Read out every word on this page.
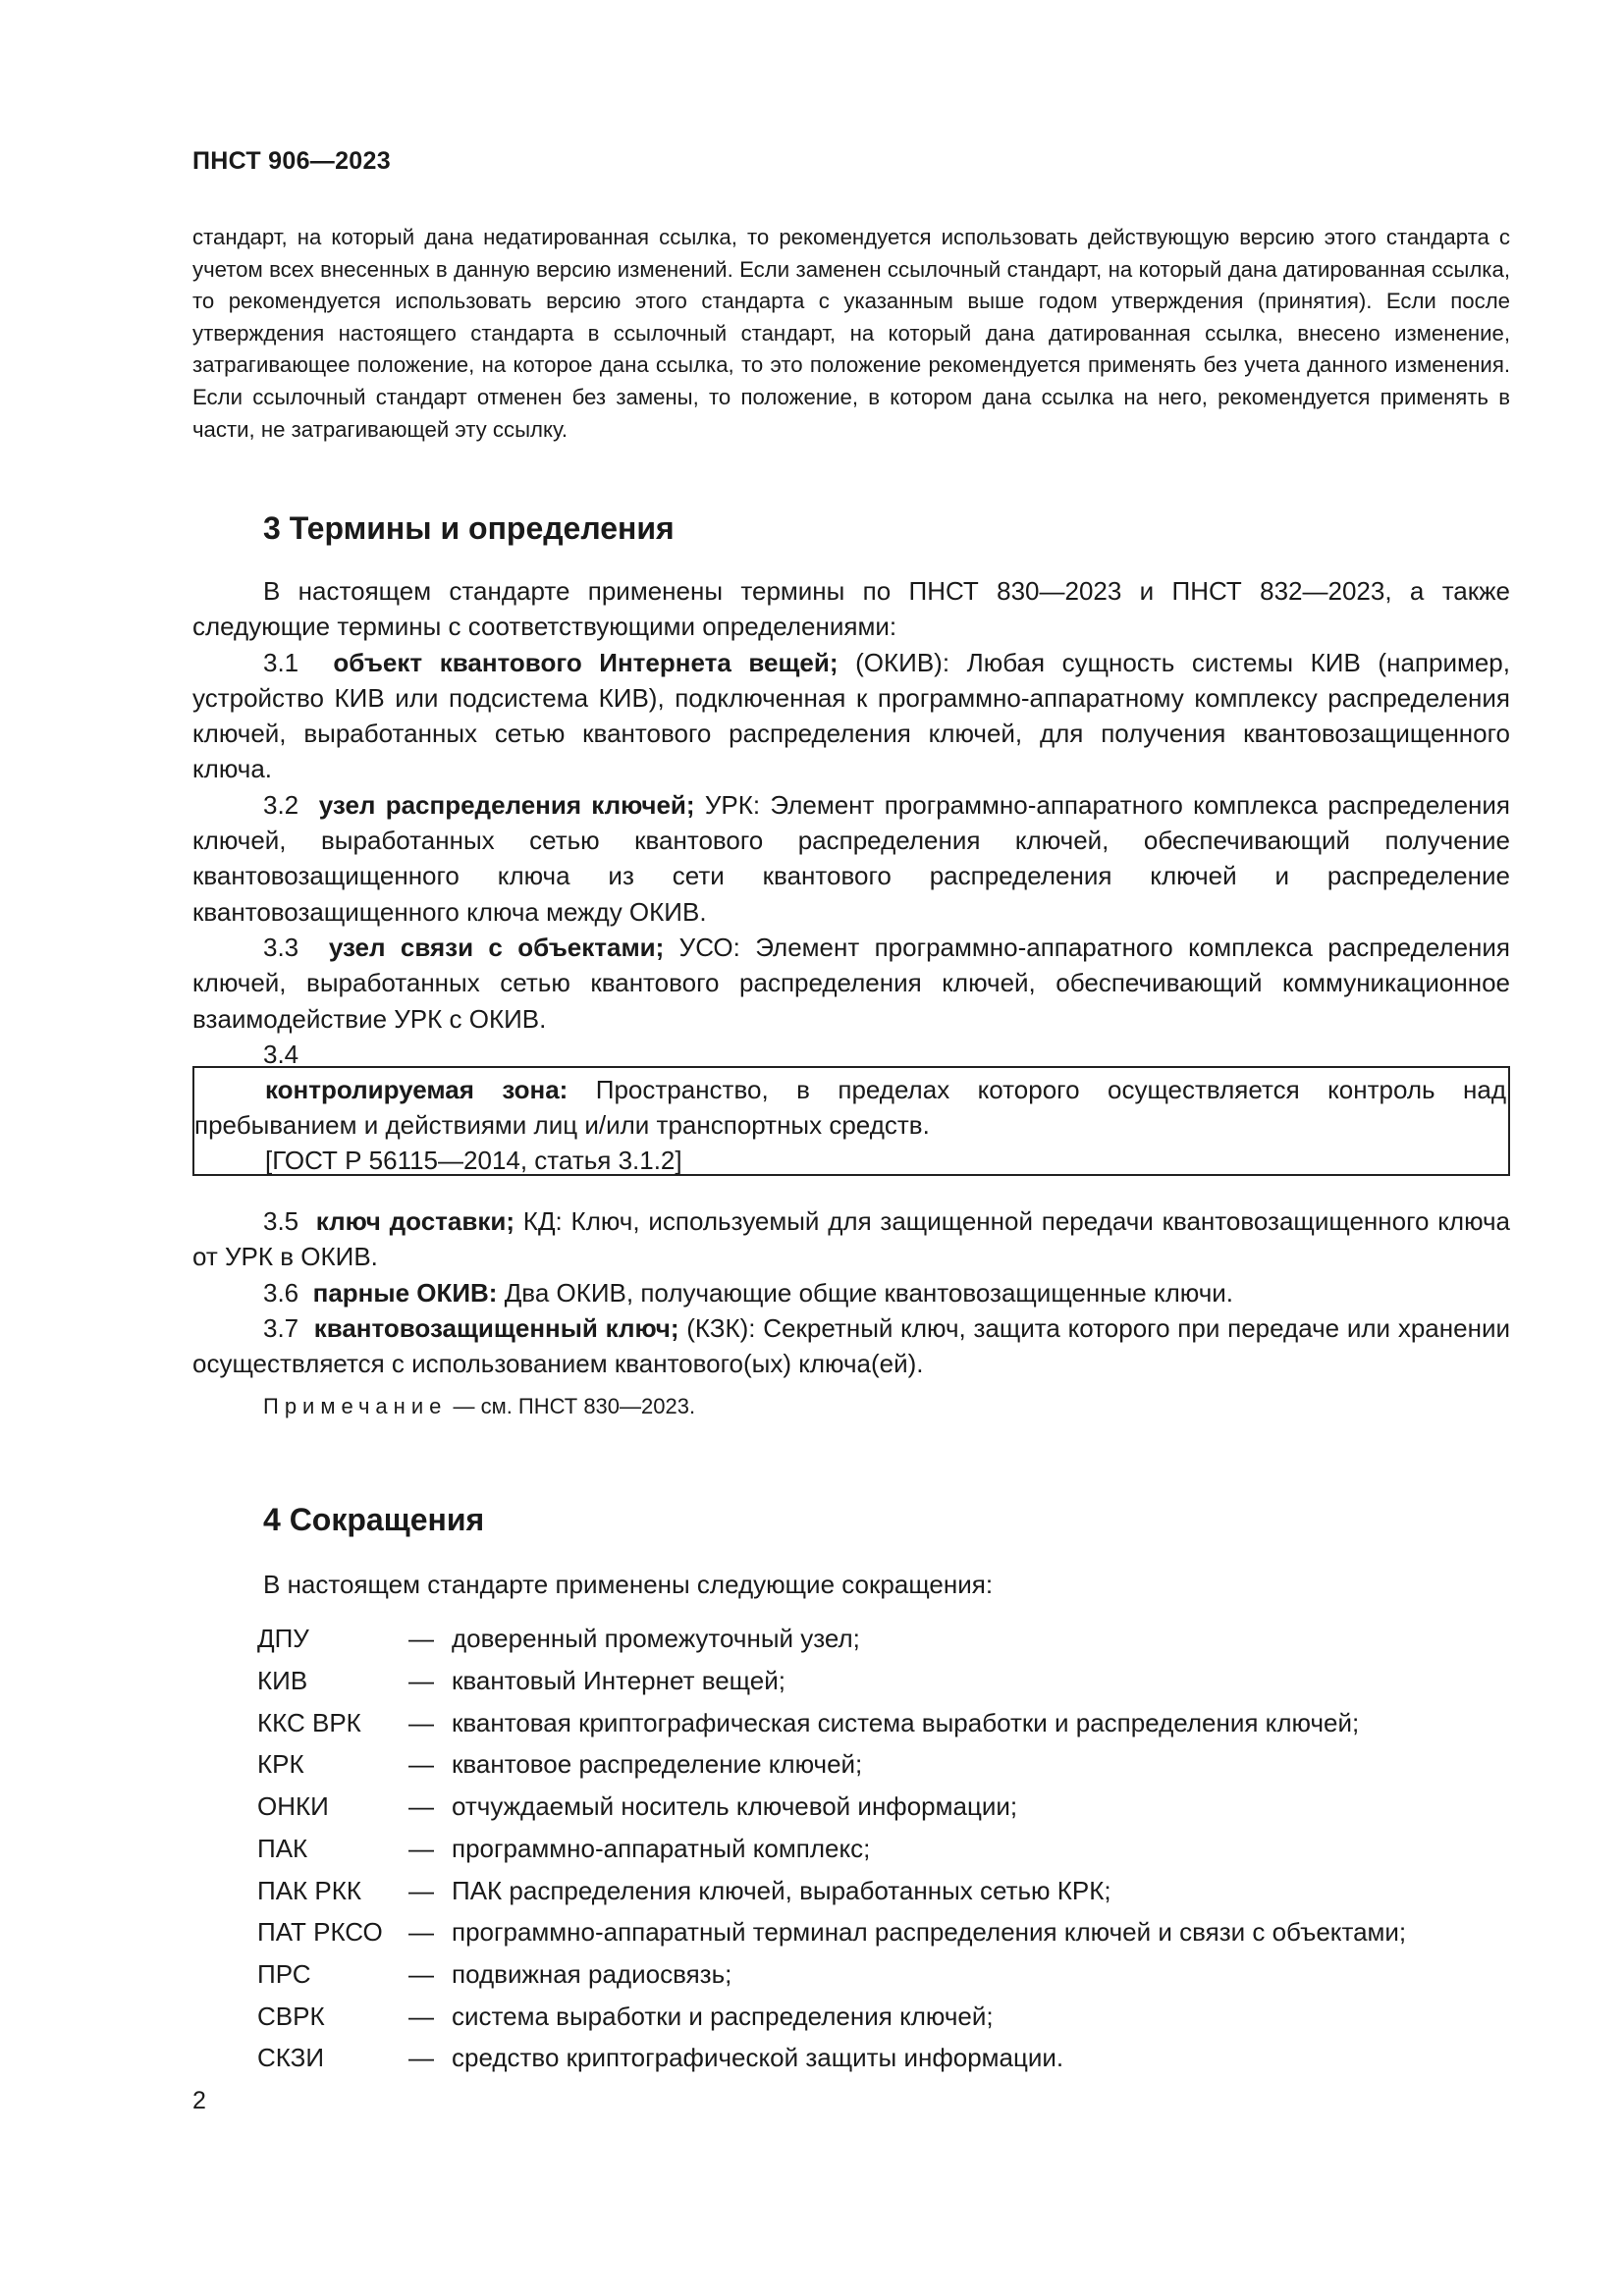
ПНСТ 906—2023

стандарт, на который дана недатированная ссылка, то рекомендуется использовать действующую версию этого стандарта с учетом всех внесенных в данную версию изменений. Если заменен ссылочный стандарт, на который дана датированная ссылка, то рекомендуется использовать версию этого стандарта с указанным выше годом утверждения (принятия). Если после утверждения настоящего стандарта в ссылочный стандарт, на который дана датированная ссылка, внесено изменение, затрагивающее положение, на которое дана ссылка, то это положение рекомендуется применять без учета данного изменения. Если ссылочный стандарт отменен без замены, то положение, в котором дана ссылка на него, рекомендуется применять в части, не затрагивающей эту ссылку.

3 Термины и определения

В настоящем стандарте применены термины по ПНСТ 830—2023 и ПНСТ 832—2023, а также следующие термины с соответствующими определениями:

3.1 объект квантового Интернета вещей; (ОКИВ): Любая сущность системы КИВ (например, устройство КИВ или подсистема КИВ), подключенная к программно-аппаратному комплексу распределения ключей, выработанных сетью квантового распределения ключей, для получения квантовозащищенного ключа.

3.2 узел распределения ключей; УРК: Элемент программно-аппаратного комплекса распределения ключей, выработанных сетью квантового распределения ключей, обеспечивающий получение квантовозащищенного ключа из сети квантового распределения ключей и распределение квантовозащищенного ключа между ОКИВ.

3.3 узел связи с объектами; УСО: Элемент программно-аппаратного комплекса распределения ключей, выработанных сетью квантового распределения ключей, обеспечивающий коммуникационное взаимодействие УРК с ОКИВ.

3.4

контролируемая зона: Пространство, в пределах которого осуществляется контроль над пребыванием и действиями лиц и/или транспортных средств.

[ГОСТ Р 56115—2014, статья 3.1.2]

3.5 ключ доставки; КД: Ключ, используемый для защищенной передачи квантовозащищенного ключа от УРК в ОКИВ.

3.6 парные ОКИВ: Два ОКИВ, получающие общие квантовозащищенные ключи.

3.7 квантовозащищенный ключ; (КЗК): Секретный ключ, защита которого при передаче или хранении осуществляется с использованием квантового(ых) ключа(ей).

Примечание — см. ПНСТ 830—2023.
4 Сокращения

В настоящем стандарте применены следующие сокращения:

ДПУ	— доверенный промежуточный узел;
КИВ	— квантовый Интернет вещей;
ККС ВРК — квантовая криптографическая система выработки и распределения ключей;
КРК	— квантовое распределение ключей;
ОНКИ	— отчуждаемый носитель ключевой информации;
ПАК	— программно-аппаратный комплекс;
ПАК РКК — ПАК распределения ключей, выработанных сетью КРК;
ПАТ РКСО — программно-аппаратный терминал распределения ключей и связи с объектами;
ПРС	— подвижная радиосвязь;
СВРК	— система выработки и распределения ключей;
СКЗИ	— средство криптографической защиты информации.
2
